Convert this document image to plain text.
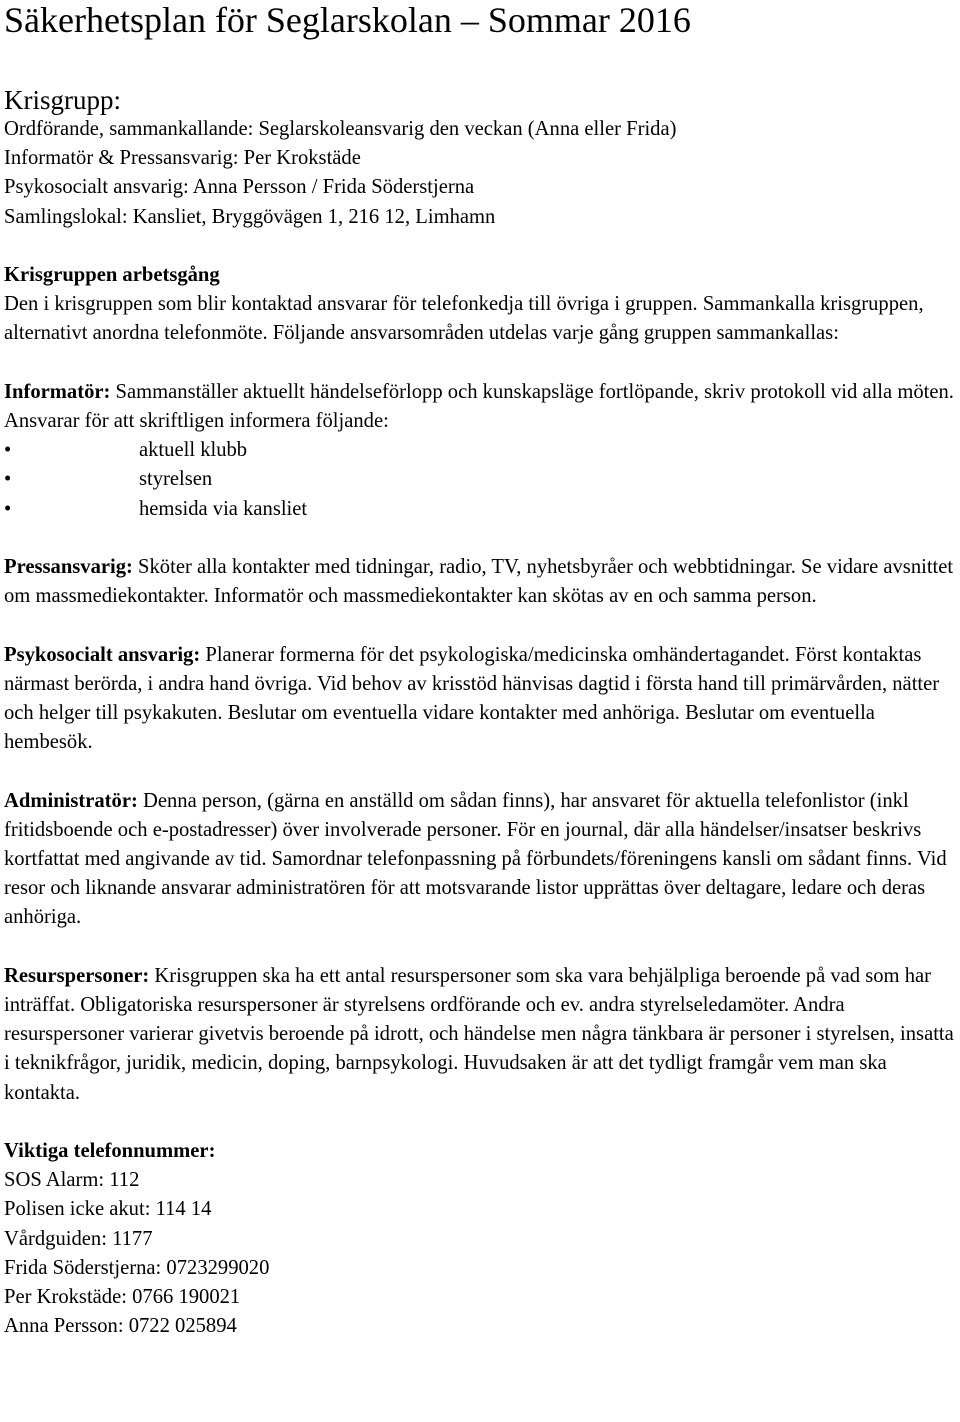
Säkerhetsplan för Seglarskolan – Sommar 2016
Krisgrupp:
Ordförande, sammankallande: Seglarskoleansvarig den veckan (Anna eller Frida)
Informatör & Pressansvarig: Per Krokstäde
Psykosocialt ansvarig: Anna Persson / Frida Söderstjerna
Samlingslokal: Kansliet, Bryggövägen 1, 216 12, Limhamn
Krisgruppen arbetsgång

Den i krisgruppen som blir kontaktad ansvarar för telefonkedja till övriga i gruppen. Sammankalla krisgruppen, alternativt anordna telefonmöte. Följande ansvarsområden utdelas varje gång gruppen sammankallas:

Informatör: Sammanställer aktuellt händelseförlopp och kunskapsläge fortlöpande, skriv protokoll vid alla möten. Ansvarar för att skriftligen informera följande:

•	aktuell klubb
•	styrelsen
•	hemsida via kansliet

Pressansvarig: Sköter alla kontakter med tidningar, radio, TV, nyhetsbyråer och webbtidningar. Se vidare avsnittet om massmediekontakter. Informatör och massmediekontakter kan skötas av en och samma person.

Psykosocialt ansvarig: Planerar formerna för det psykologiska/medicinska omhändertagandet. Först kontaktas närmast berörda, i andra hand övriga. Vid behov av krisstöd hänvisas dagtid i första hand till primärvården, nätter och helger till psykakuten. Beslutar om eventuella vidare kontakter med anhöriga. Beslutar om eventuella hembesök.

Administratör: Denna person, (gärna en anställd om sådan finns), har ansvaret för aktuella telefonlistor (inkl fritidsboende och e-postadresser) över involverade personer. För en journal, där alla händelser/insatser beskrivs kortfattat med angivande av tid. Samordnar telefonpassning på förbundets/föreningens kansli om sådant finns. Vid resor och liknande ansvarar administratören för att motsvarande listor upprättas över deltagare, ledare och deras anhöriga.

Resurspersoner: Krisgruppen ska ha ett antal resurspersoner som ska vara behjälpliga beroende på vad som har inträffat. Obligatoriska resurspersoner är styrelsens ordförande och ev. andra styrelseledamöter. Andra resurspersoner varierar givetvis beroende på idrott, och händelse men några tänkbara är personer i styrelsen, insatta i teknikfrågor, juridik, medicin, doping, barnpsykologi. Huvudsaken är att det tydligt framgår vem man ska kontakta.

Viktiga telefonnummer:
SOS Alarm: 112
Polisen icke akut: 114 14
Vårdguiden: 1177
Frida Söderstjerna: 0723299020
Per Krokstäde: 0766 190021
Anna Persson: 0722 025894
